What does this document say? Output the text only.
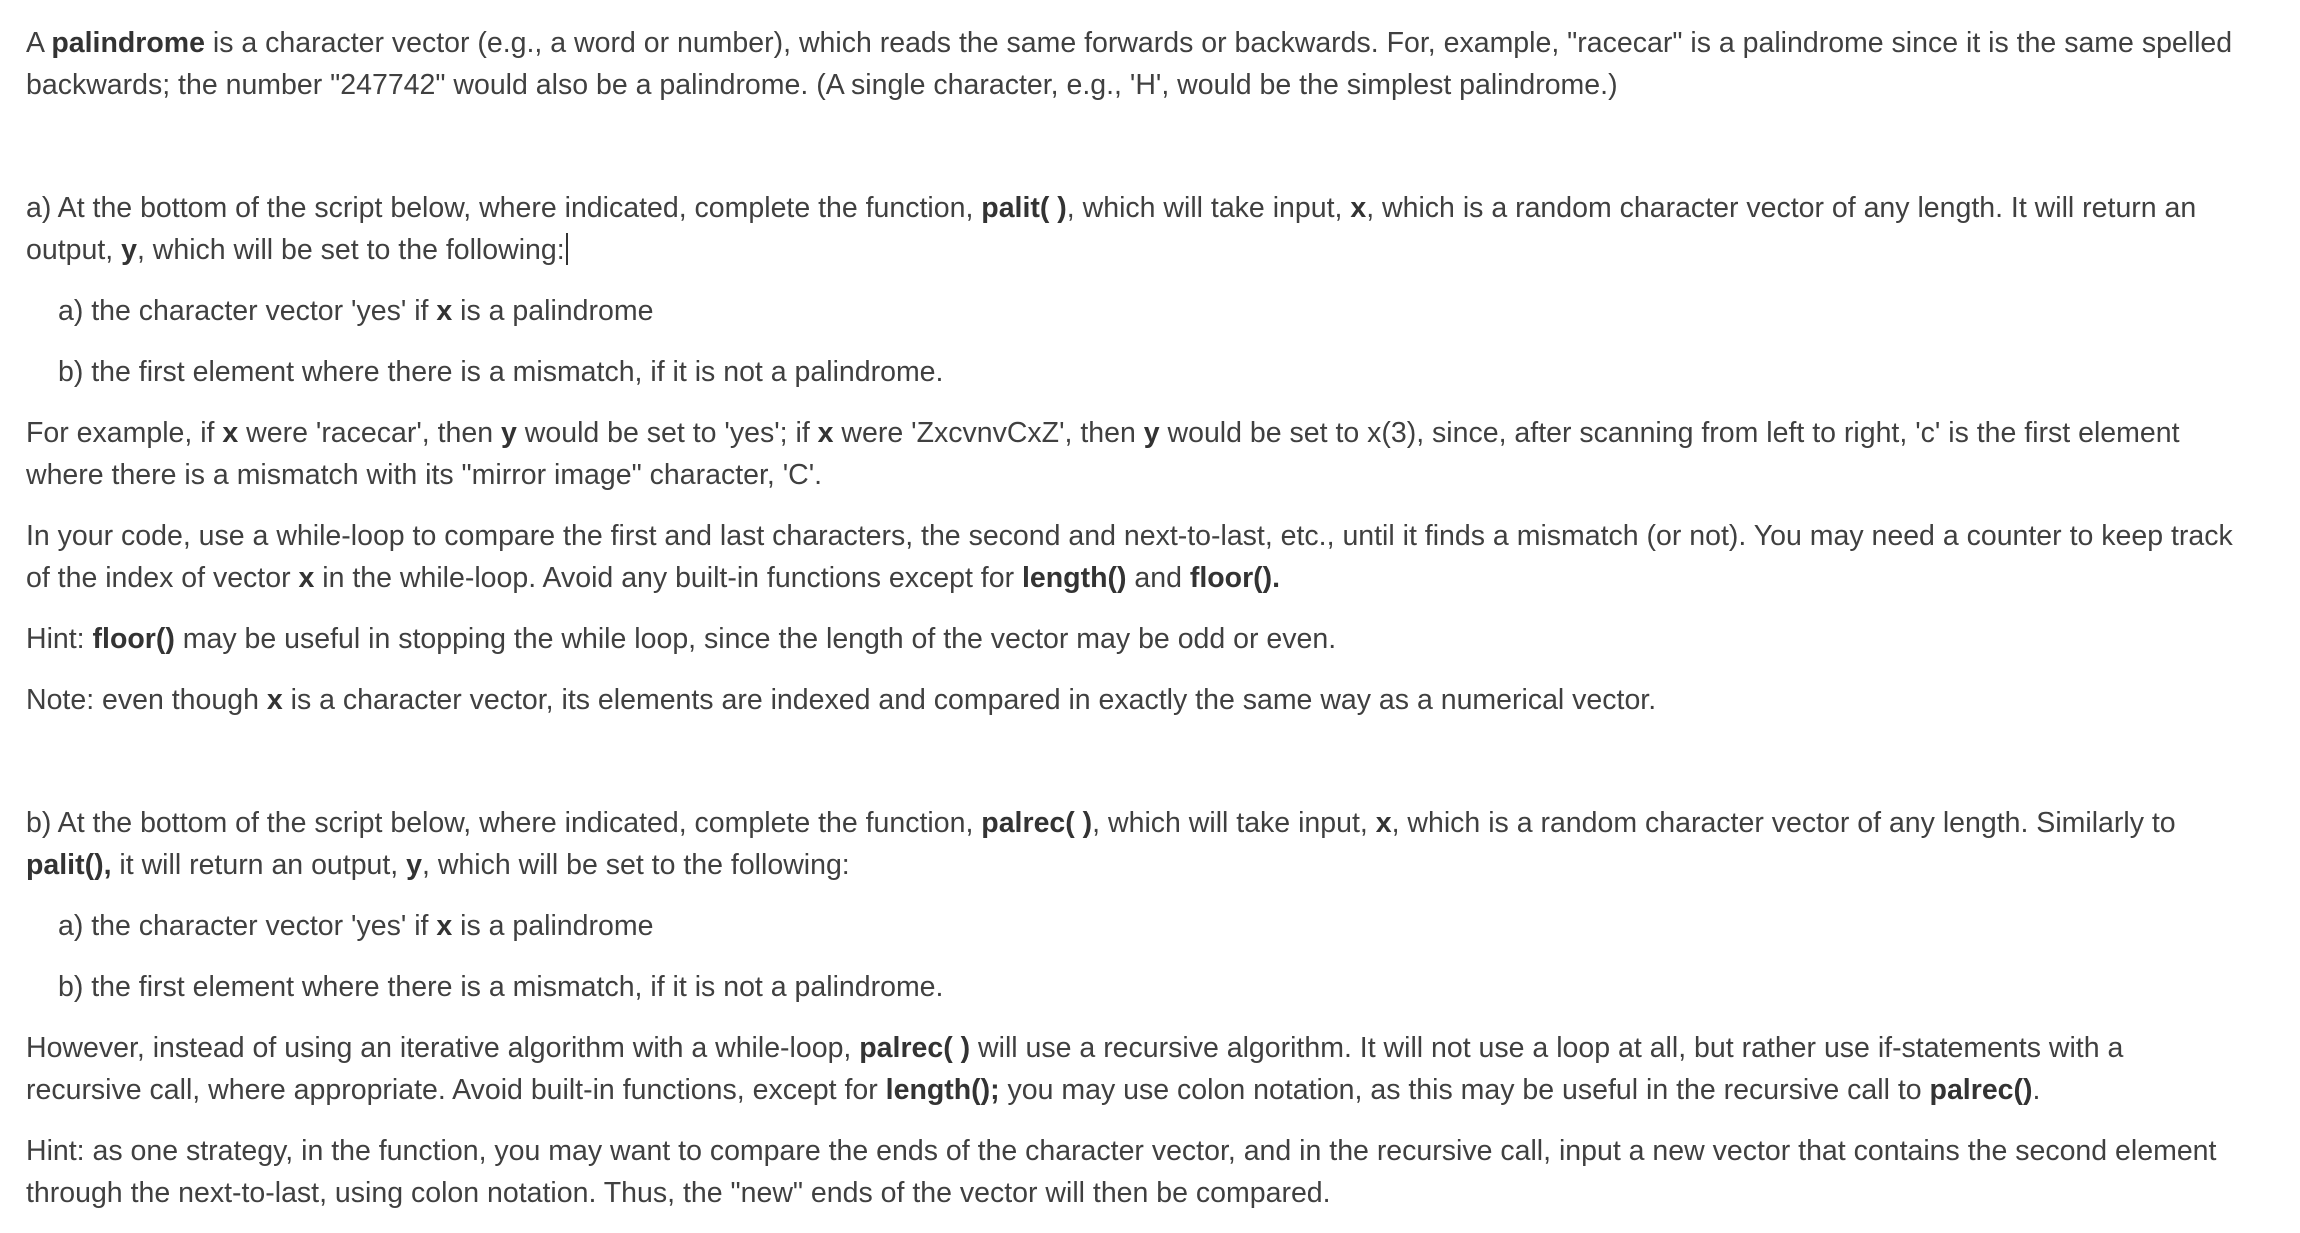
A palindrome is a character vector (e.g., a word or number), which reads the same forwards or backwards. For, example, "racecar" is a palindrome since it is the same spelled backwards; the number "247742" would also be a palindrome. (A single character, e.g., 'H', would be the simplest palindrome.)

a) At the bottom of the script below, where indicated, complete the function, palit( ), which will take input, x, which is a random character vector of any length. It will return an output, y, which will be set to the following:

a) the character vector 'yes' if x is a palindrome

b) the first element where there is a mismatch, if it is not a palindrome.

For example, if x were 'racecar', then y would be set to 'yes'; if x were 'ZxcvnvCxZ', then y would be set to x(3), since, after scanning from left to right, 'c' is the first element where there is a mismatch with its "mirror image" character, 'C'.

In your code, use a while-loop to compare the first and last characters, the second and next-to-last, etc., until it finds a mismatch (or not). You may need a counter to keep track of the index of vector x in the while-loop. Avoid any built-in functions except for length() and floor().

Hint: floor() may be useful in stopping the while loop, since the length of the vector may be odd or even.

Note: even though x is a character vector, its elements are indexed and compared in exactly the same way as a numerical vector.

b) At the bottom of the script below, where indicated, complete the function, palrec( ), which will take input, x, which is a random character vector of any length. Similarly to palit(), it will return an output, y, which will be set to the following:

a) the character vector 'yes' if x is a palindrome

b) the first element where there is a mismatch, if it is not a palindrome.

However, instead of using an iterative algorithm with a while-loop, palrec( ) will use a recursive algorithm. It will not use a loop at all, but rather use if-statements with a recursive call, where appropriate. Avoid built-in functions, except for length(); you may use colon notation, as this may be useful in the recursive call to palrec().

Hint: as one strategy, in the function, you may want to compare the ends of the character vector, and in the recursive call, input a new vector that contains the second element through the next-to-last, using colon notation. Thus, the "new" ends of the vector will then be compared.
